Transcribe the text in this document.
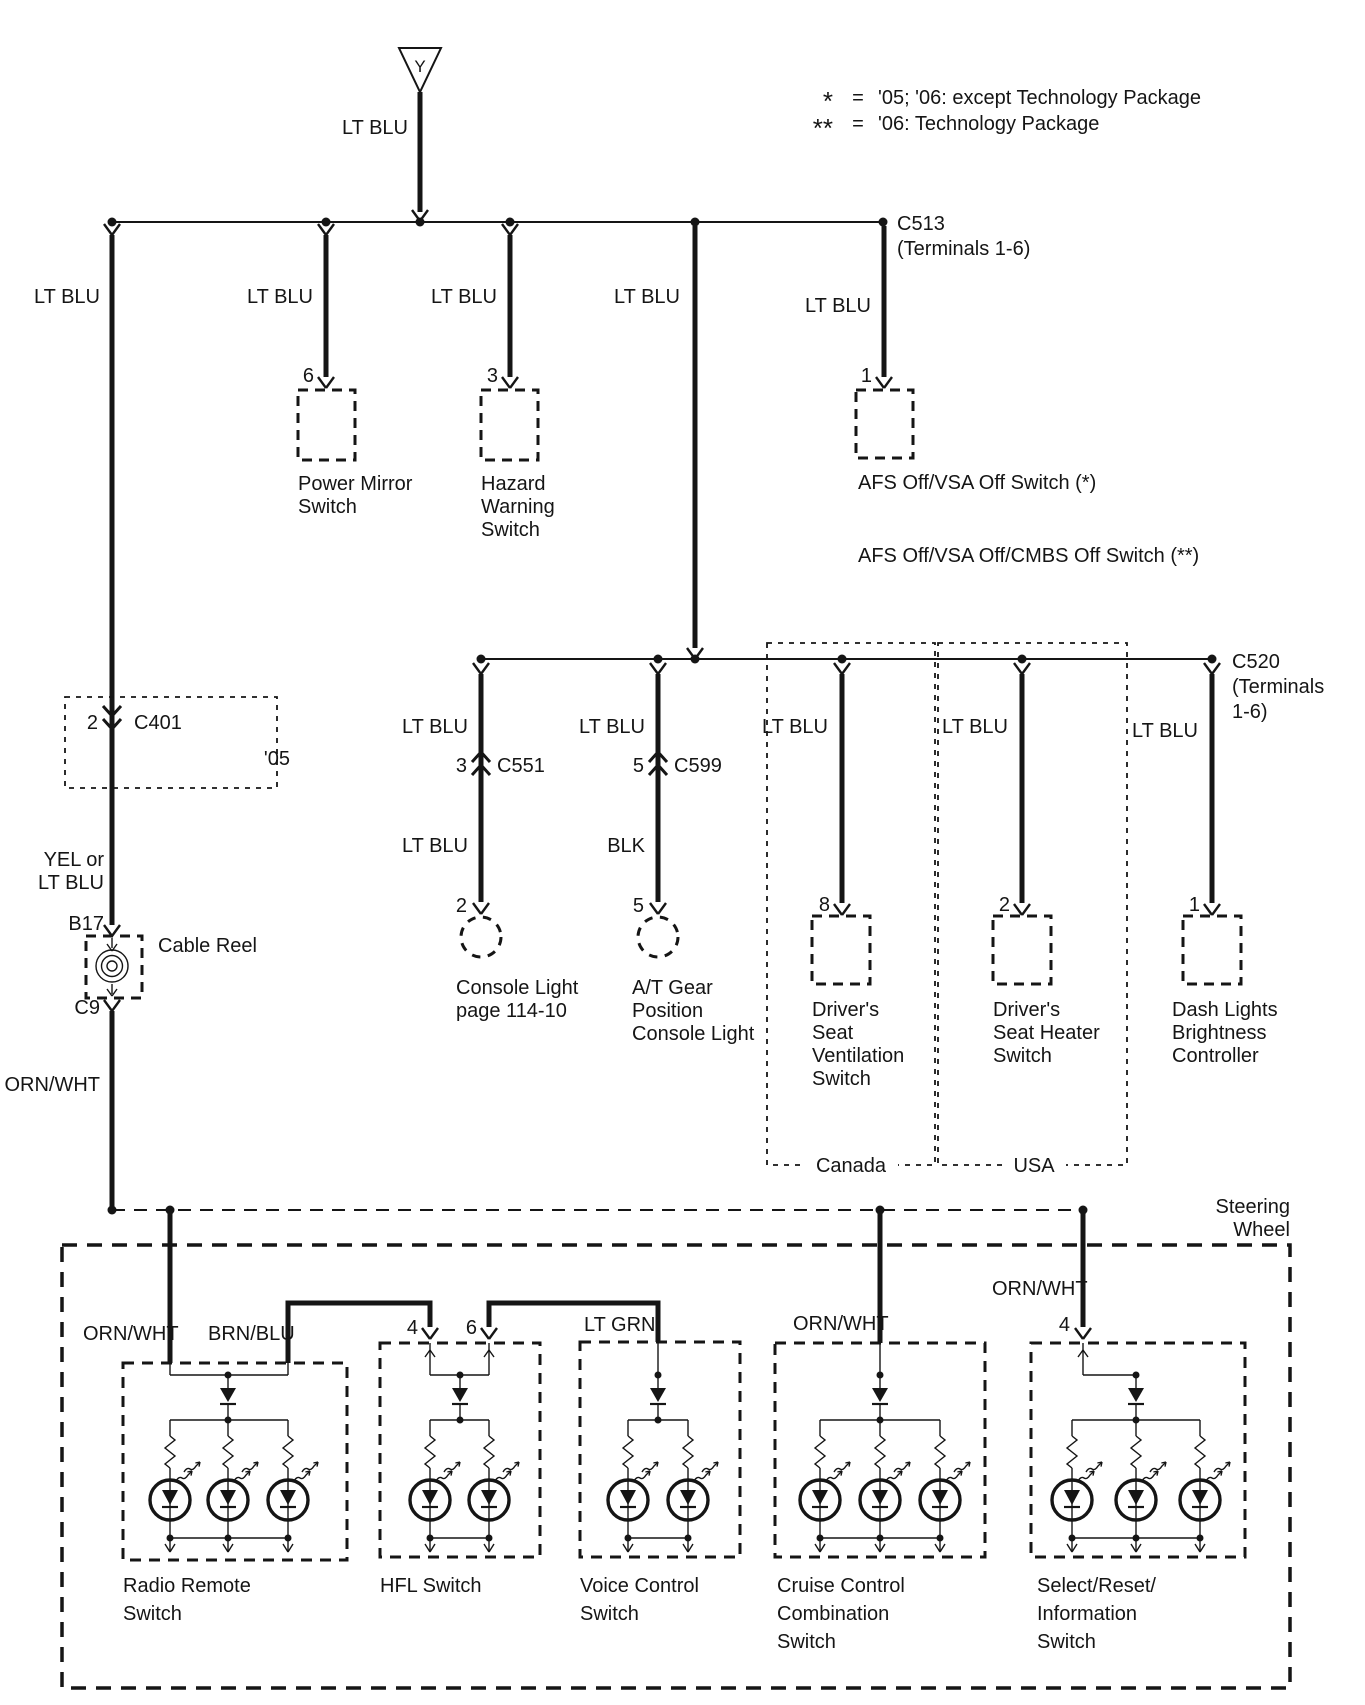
Y
LT BLU
* = '05; '06: except Technology Package
** = '06: Technology Package
C513
(Terminals 1-6)
LT BLU
2 C401
'05
YEL or
LT BLU
B17
Cable Reel
C9
ORN/WHT
LT BLU
6
Power Mirror
Switch
LT BLU
3
Hazard
Warning
Switch
LT BLU	LT BLU
1
AFS Off/VSA Off Switch (*)
AFS Off/VSA Off/CMBS Off Switch (**)
C520
(Terminals
1-6)
LT BLU
3 C551
LT BLU
2
Console Light
page 114-10
LT BLU
5 C599
BLK
5
A/T Gear
Position
Console Light
LT BLU
8
Driver's
Seat
Ventilation
Switch
Canada
LT BLU
2
Driver's
Seat Heater
Switch
USA
LT BLU
1
Dash Lights
Brightness
Controller
Steering
Wheel
ORN/WHT BRN/BLU
Radio Remote
Switch
4 6	LT GRN
HFL Switch	Voice Control
Switch
ORN/WHT
Cruise Control
Combination
Switch
ORN/WHT
4
Select/Reset/
Information
Switch
